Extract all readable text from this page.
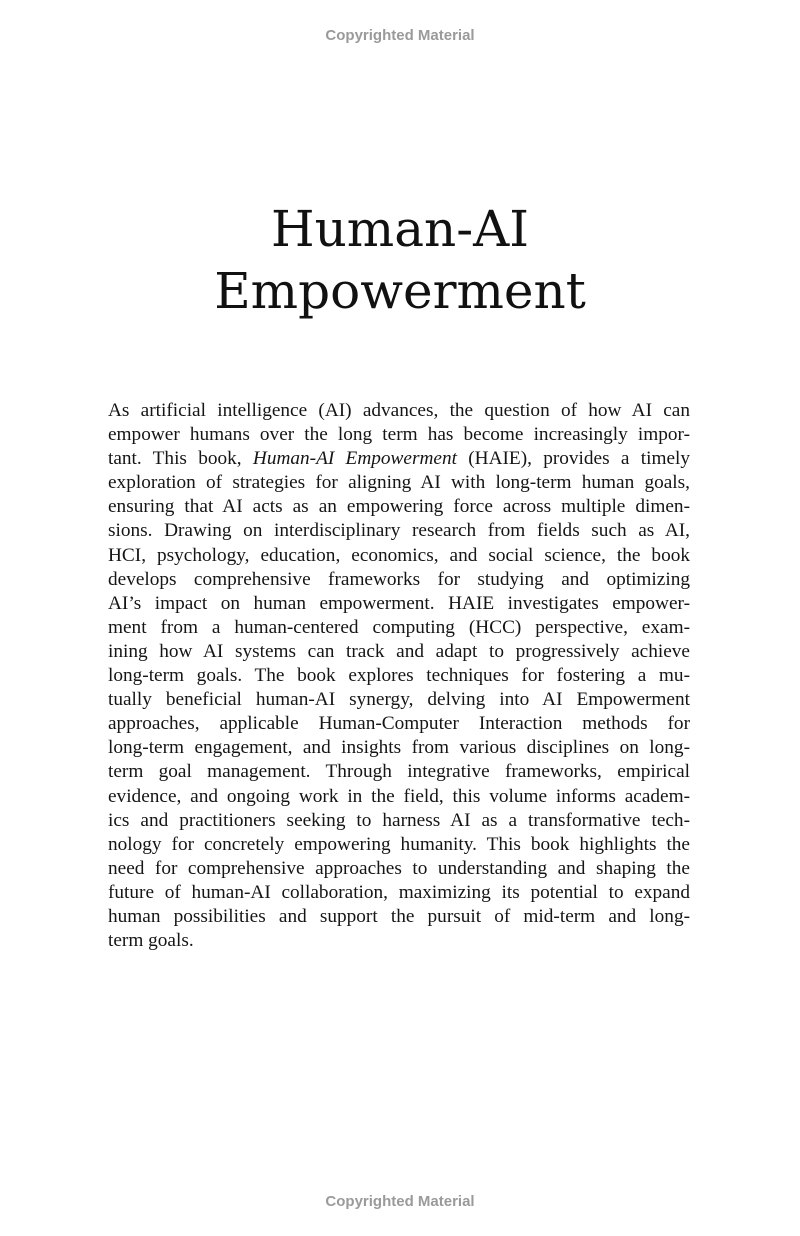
Copyrighted Material
Human-AI
Empowerment
As artificial intelligence (AI) advances, the question of how AI can
empower humans over the long term has become increasingly impor-
tant. This book, Human-AI Empowerment (HAIE), provides a timely
exploration of strategies for aligning AI with long-term human goals,
ensuring that AI acts as an empowering force across multiple dimen-
sions. Drawing on interdisciplinary research from fields such as AI,
HCI, psychology, education, economics, and social science, the book
develops comprehensive frameworks for studying and optimizing
AI’s impact on human empowerment. HAIE investigates empower-
ment from a human-centered computing (HCC) perspective, exam-
ining how AI systems can track and adapt to progressively achieve
long-term goals. The book explores techniques for fostering a mu-
tually beneficial human-AI synergy, delving into AI Empowerment
approaches, applicable Human-Computer Interaction methods for
long-term engagement, and insights from various disciplines on long-
term goal management. Through integrative frameworks, empirical
evidence, and ongoing work in the field, this volume informs academ-
ics and practitioners seeking to harness AI as a transformative tech-
nology for concretely empowering humanity. This book highlights the
need for comprehensive approaches to understanding and shaping the
future of human-AI collaboration, maximizing its potential to expand
human possibilities and support the pursuit of mid-term and long-
term goals.
Copyrighted Material
